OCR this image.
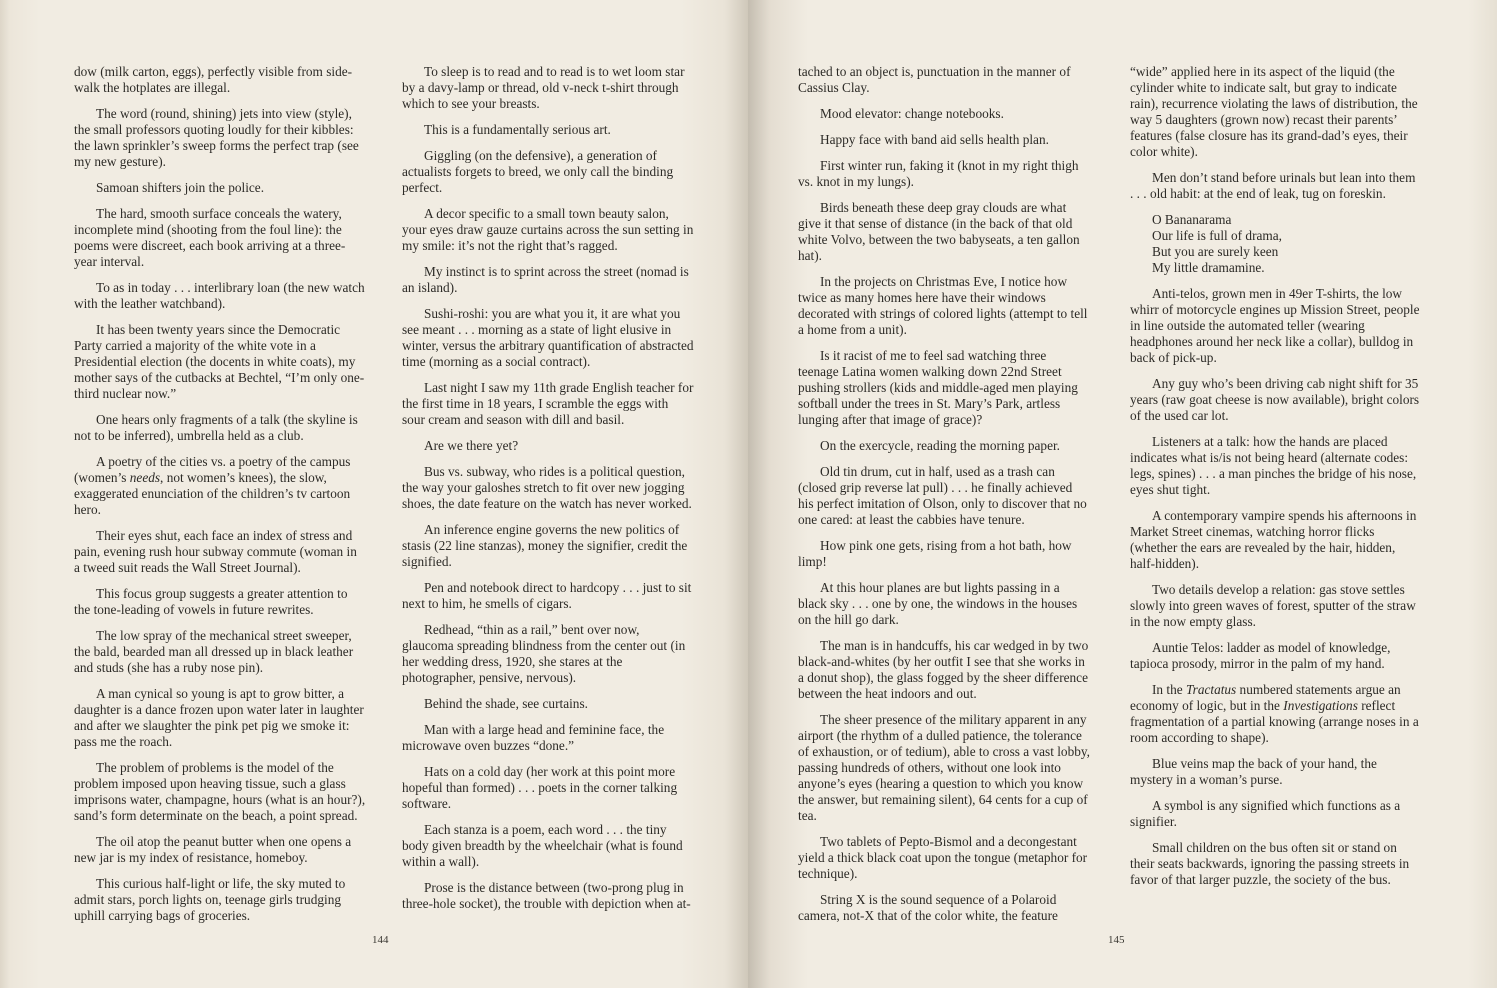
dow (milk carton, eggs), perfectly visible from side-walk the hotplates are illegal.

The word (round, shining) jets into view (style), the small professors quoting loudly for their kibbles: the lawn sprinkler’s sweep forms the perfect trap (see my new gesture).

Samoan shifters join the police.

The hard, smooth surface conceals the watery, incomplete mind (shooting from the foul line): the poems were discreet, each book arriving at a three-year interval.

To as in today . . . interlibrary loan (the new watch with the leather watchband).

It has been twenty years since the Democratic Party carried a majority of the white vote in a Presidential election (the docents in white coats), my mother says of the cutbacks at Bechtel, “I’m only one-third nuclear now.”

One hears only fragments of a talk (the skyline is not to be inferred), umbrella held as a club.

A poetry of the cities vs. a poetry of the campus (women’s needs, not women’s knees), the slow, exaggerated enunciation of the children’s tv cartoon hero.

Their eyes shut, each face an index of stress and pain, evening rush hour subway commute (woman in a tweed suit reads the Wall Street Journal).

This focus group suggests a greater attention to the tone-leading of vowels in future rewrites.

The low spray of the mechanical street sweeper, the bald, bearded man all dressed up in black leather and studs (she has a ruby nose pin).

A man cynical so young is apt to grow bitter, a daughter is a dance frozen upon water later in laughter and after we slaughter the pink pet pig we smoke it: pass me the roach.

The problem of problems is the model of the problem imposed upon heaving tissue, such a glass imprisons water, champagne, hours (what is an hour?), sand’s form determinate on the beach, a point spread.

The oil atop the peanut butter when one opens a new jar is my index of resistance, homeboy.

This curious half-light or life, the sky muted to admit stars, porch lights on, teenage girls trudging uphill carrying bags of groceries.

To sleep is to read and to read is to wet loom star by a davy-lamp or thread, old v-neck t-shirt through which to see your breasts.

This is a fundamentally serious art.

Giggling (on the defensive), a generation of actualists forgets to breed, we only call the binding perfect.

A decor specific to a small town beauty salon, your eyes draw gauze curtains across the sun setting in my smile: it’s not the right that’s ragged.

My instinct is to sprint across the street (nomad is an island).

Sushi-roshi: you are what you it, it are what you see meant . . . morning as a state of light elusive in winter, versus the arbitrary quantification of abstracted time (morning as a social contract).

Last night I saw my 11th grade English teacher for the first time in 18 years, I scramble the eggs with sour cream and season with dill and basil.

Are we there yet?

Bus vs. subway, who rides is a political question, the way your galoshes stretch to fit over new jogging shoes, the date feature on the watch has never worked.

An inference engine governs the new politics of stasis (22 line stanzas), money the signifier, credit the signified.

Pen and notebook direct to hardcopy . . . just to sit next to him, he smells of cigars.

Redhead, “thin as a rail,” bent over now, glaucoma spreading blindness from the center out (in her wedding dress, 1920, she stares at the photographer, pensive, nervous).

Behind the shade, see curtains.

Man with a large head and feminine face, the microwave oven buzzes “done.”

Hats on a cold day (her work at this point more hopeful than formed) . . . poets in the corner talking software.

Each stanza is a poem, each word . . . the tiny body given breadth by the wheelchair (what is found within a wall).

Prose is the distance between (two-prong plug in three-hole socket), the trouble with depiction when at-

144

tached to an object is, punctuation in the manner of Cassius Clay.

Mood elevator: change notebooks.

Happy face with band aid sells health plan.

First winter run, faking it (knot in my right thigh vs. knot in my lungs).

Birds beneath these deep gray clouds are what give it that sense of distance (in the back of that old white Volvo, between the two babyseats, a ten gallon hat).

In the projects on Christmas Eve, I notice how twice as many homes here have their windows decorated with strings of colored lights (attempt to tell a home from a unit).

Is it racist of me to feel sad watching three teenage Latina women walking down 22nd Street pushing strollers (kids and middle-aged men playing softball under the trees in St. Mary’s Park, artless lunging after that image of grace)?

On the exercycle, reading the morning paper.

Old tin drum, cut in half, used as a trash can (closed grip reverse lat pull) . . . he finally achieved his perfect imitation of Olson, only to discover that no one cared: at least the cabbies have tenure.

How pink one gets, rising from a hot bath, how limp!

At this hour planes are but lights passing in a black sky . . . one by one, the windows in the houses on the hill go dark.

The man is in handcuffs, his car wedged in by two black-and-whites (by her outfit I see that she works in a donut shop), the glass fogged by the sheer difference between the heat indoors and out.

The sheer presence of the military apparent in any airport (the rhythm of a dulled patience, the tolerance of exhaustion, or of tedium), able to cross a vast lobby, passing hundreds of others, without one look into anyone’s eyes (hearing a question to which you know the answer, but remaining silent), 64 cents for a cup of tea.

Two tablets of Pepto-Bismol and a decongestant yield a thick black coat upon the tongue (metaphor for technique).

String X is the sound sequence of a Polaroid camera, not-X that of the color white, the feature

“wide” applied here in its aspect of the liquid (the cylinder white to indicate salt, but gray to indicate rain), recurrence violating the laws of distribution, the way 5 daughters (grown now) recast their parents’ features (false closure has its grand-dad’s eyes, their color white).

Men don’t stand before urinals but lean into them . . . old habit: at the end of leak, tug on foreskin.

O Bananarama
Our life is full of drama,
But you are surely keen
My little dramamine.

Anti-telos, grown men in 49er T-shirts, the low whirr of motorcycle engines up Mission Street, people in line outside the automated teller (wearing headphones around her neck like a collar), bulldog in back of pick-up.

Any guy who’s been driving cab night shift for 35 years (raw goat cheese is now available), bright colors of the used car lot.

Listeners at a talk: how the hands are placed indicates what is/is not being heard (alternate codes: legs, spines) . . . a man pinches the bridge of his nose, eyes shut tight.

A contemporary vampire spends his afternoons in Market Street cinemas, watching horror flicks (whether the ears are revealed by the hair, hidden, half-hidden).

Two details develop a relation: gas stove settles slowly into green waves of forest, sputter of the straw in the now empty glass.

Auntie Telos: ladder as model of knowledge, tapioca prosody, mirror in the palm of my hand.

In the Tractatus numbered statements argue an economy of logic, but in the Investigations reflect fragmentation of a partial knowing (arrange noses in a room according to shape).

Blue veins map the back of your hand, the mystery in a woman’s purse.

A symbol is any signified which functions as a signifier.

Small children on the bus often sit or stand on their seats backwards, ignoring the passing streets in favor of that larger puzzle, the society of the bus.

145
